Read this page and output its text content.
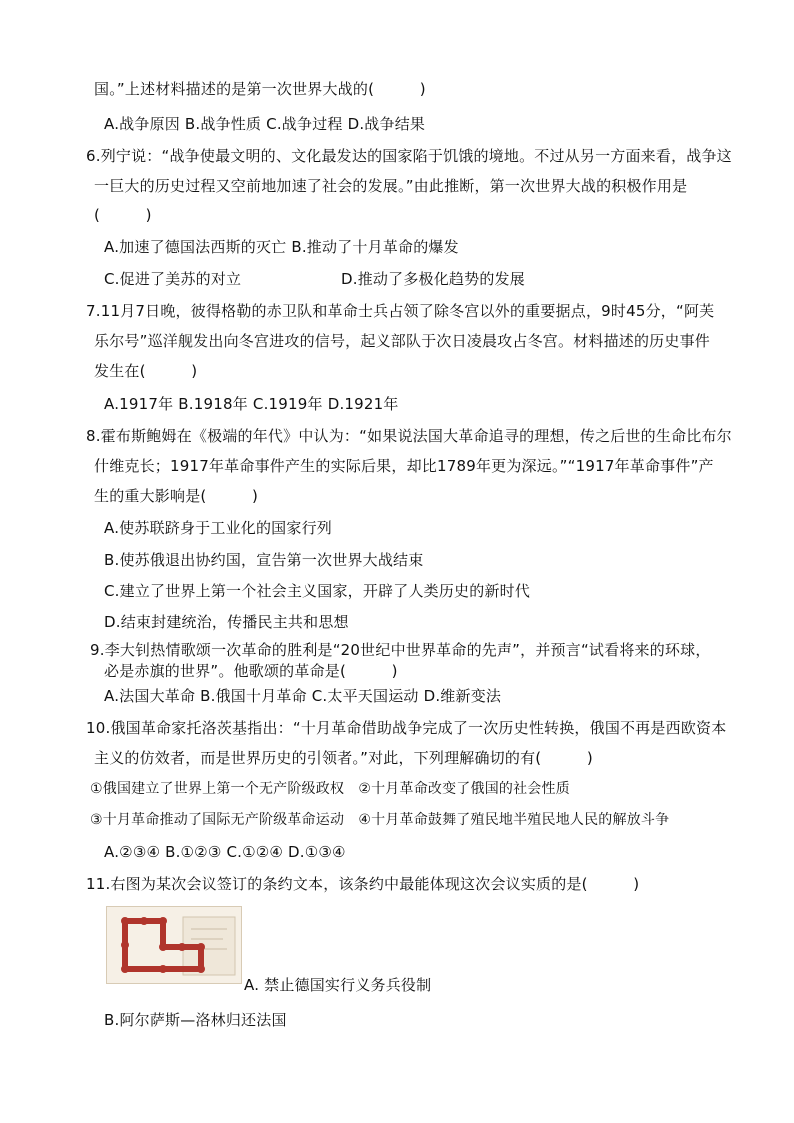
国。”上述材料描述的是第一次世界大战的(　　　)
A.战争原因 B.战争性质 C.战争过程 D.战争结果
6.列宁说：“战争使最文明的、文化最发达的国家陷于饥饿的境地。不过从另一方面来看，战争这
一巨大的历史过程又空前地加速了社会的发展。”由此推断，第一次世界大战的积极作用是
(　　　)
A.加速了德国法西斯的灭亡 B.推动了十月革命的爆发
C.促进了美苏的对立	D.推动了多极化趋势的发展
7.11月7日晚，彼得格勒的赤卫队和革命士兵占领了除冬宫以外的重要据点，9时45分，“阿芙
乐尔号”巡洋舰发出向冬宫进攻的信号，起义部队于次日凌晨攻占冬宫。材料描述的历史事件
发生在(　　　)
A.1917年 B.1918年 C.1919年 D.1921年
8.霍布斯鲍姆在《极端的年代》中认为：“如果说法国大革命追寻的理想，传之后世的生命比布尔
什维克长；1917年革命事件产生的实际后果，却比1789年更为深远。”“1917年革命事件”产
生的重大影响是(　　　)
A.使苏联跻身于工业化的国家行列
B.使苏俄退出协约国，宣告第一次世界大战结束
C.建立了世界上第一个社会主义国家，开辟了人类历史的新时代
D.结束封建统治，传播民主共和思想
9.李大钊热情歌颂一次革命的胜利是“20世纪中世界革命的先声”，并预言“试看将来的环球，
必是赤旗的世界”。他歌颂的革命是(　　　)
A.法国大革命 B.俄国十月革命 C.太平天国运动 D.维新变法
10.俄国革命家托洛茨基指出：“十月革命借助战争完成了一次历史性转换，俄国不再是西欧资本
主义的仿效者，而是世界历史的引领者。”对此，下列理解确切的有(　　　)
①俄国建立了世界上第一个无产阶级政权　②十月革命改变了俄国的社会性质
③十月革命推动了国际无产阶级革命运动　④十月革命鼓舞了殖民地半殖民地人民的解放斗争
A.②③④ B.①②③ C.①②④ D.①③④
11.右图为某次会议签订的条约文本，该条约中最能体现这次会议实质的是(　　　)
A. 禁止德国实行义务兵役制
B.阿尔萨斯—洛林归还法国
